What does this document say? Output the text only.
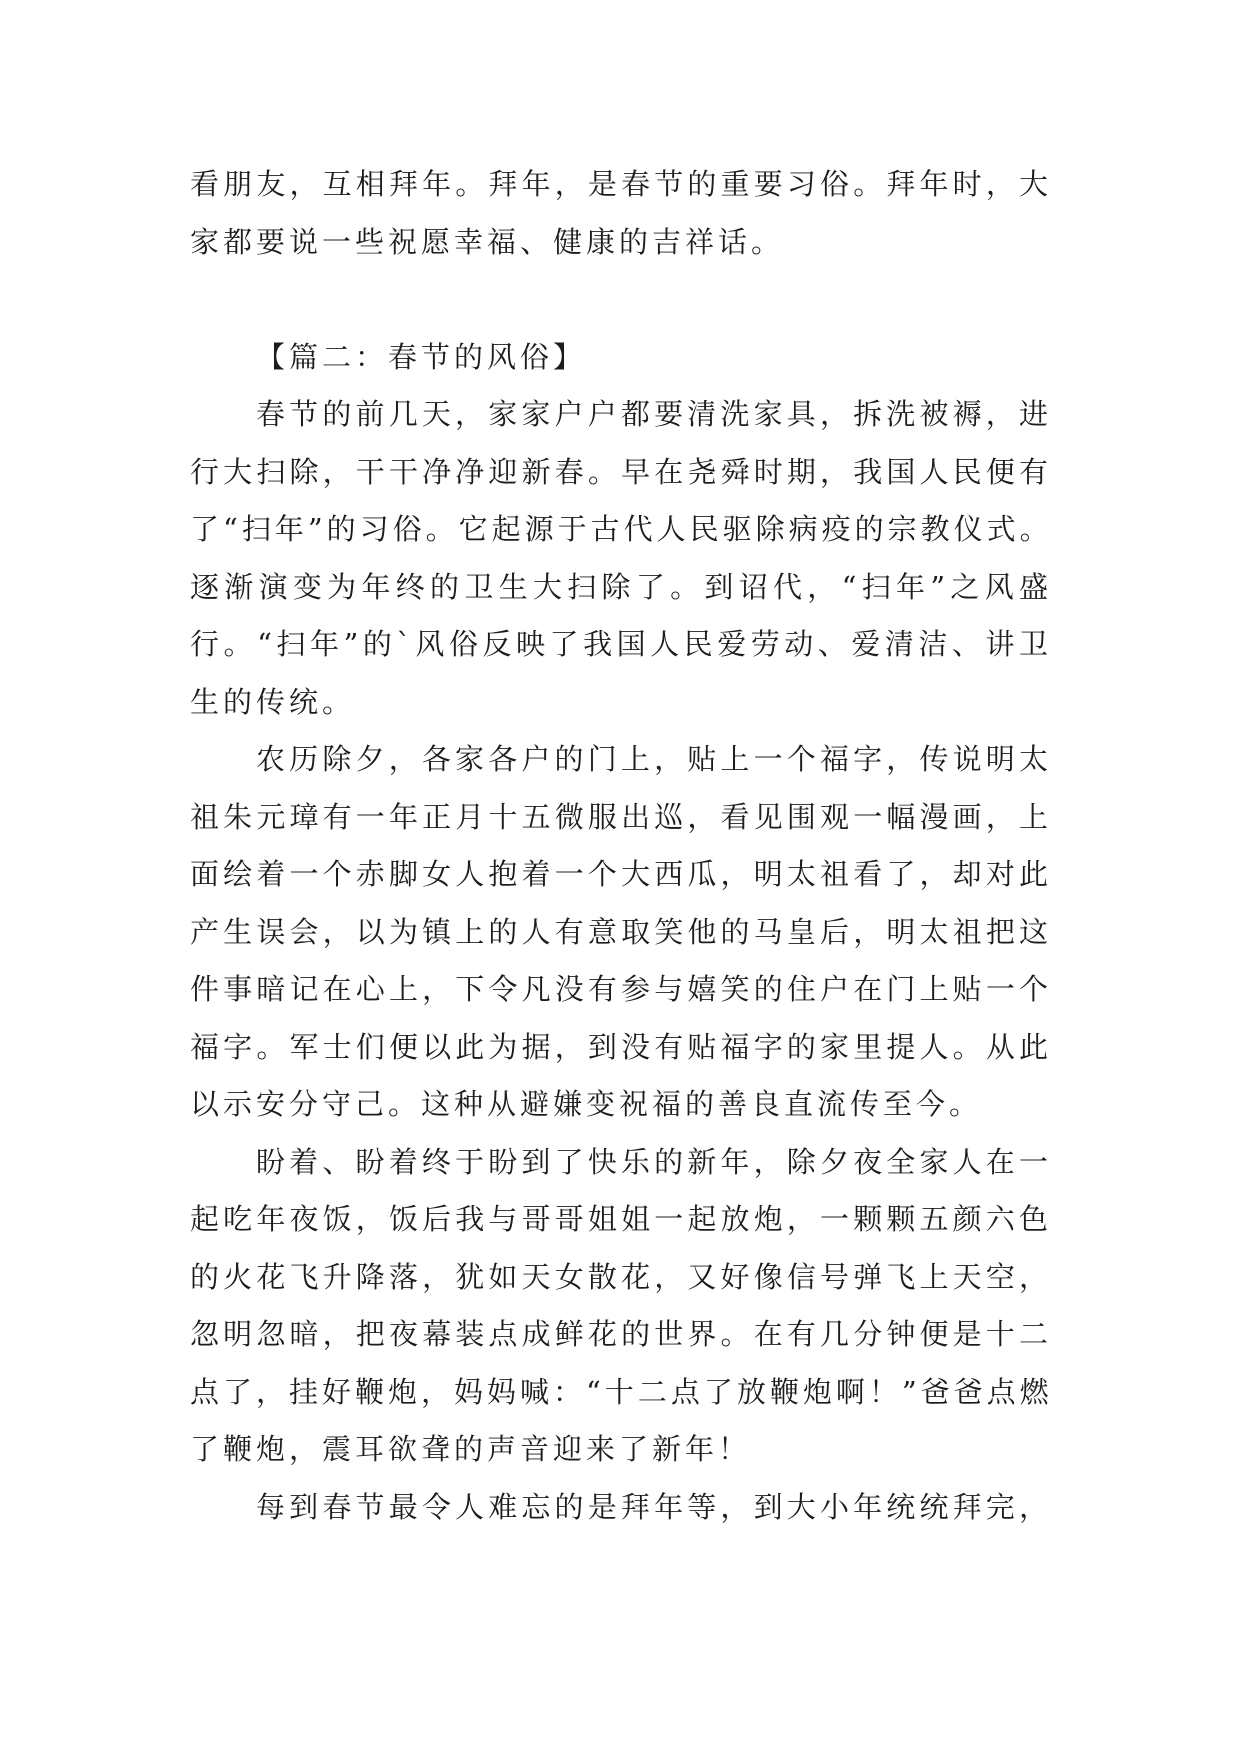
看朋友，互相拜年。拜年，是春节的重要习俗。拜年时，大
家都要说一些祝愿幸福、健康的吉祥话。
【篇二：春节的风俗】
春节的前几天，家家户户都要清洗家具，拆洗被褥，进
行大扫除，干干净净迎新春。早在尧舜时期，我国人民便有
了“扫年”的习俗。它起源于古代人民驱除病疫的宗教仪式。
逐渐演变为年终的卫生大扫除了。到诏代，“扫年”之风盛
行。“扫年”的`风俗反映了我国人民爱劳动、爱清洁、讲卫
生的传统。
农历除夕，各家各户的门上，贴上一个福字，传说明太
祖朱元璋有一年正月十五微服出巡，看见围观一幅漫画，上
面绘着一个赤脚女人抱着一个大西瓜，明太祖看了，却对此
产生误会，以为镇上的人有意取笑他的马皇后，明太祖把这
件事暗记在心上，下令凡没有参与嬉笑的住户在门上贴一个
福字。军士们便以此为据，到没有贴福字的家里提人。从此
以示安分守己。这种从避嫌变祝福的善良直流传至今。
盼着、盼着终于盼到了快乐的新年，除夕夜全家人在一
起吃年夜饭，饭后我与哥哥姐姐一起放炮，一颗颗五颜六色
的火花飞升降落，犹如天女散花，又好像信号弹飞上天空，
忽明忽暗，把夜幕装点成鲜花的世界。在有几分钟便是十二
点了，挂好鞭炮，妈妈喊：“十二点了放鞭炮啊！”爸爸点燃
了鞭炮，震耳欲聋的声音迎来了新年！
每到春节最令人难忘的是拜年等，到大小年统统拜完，
